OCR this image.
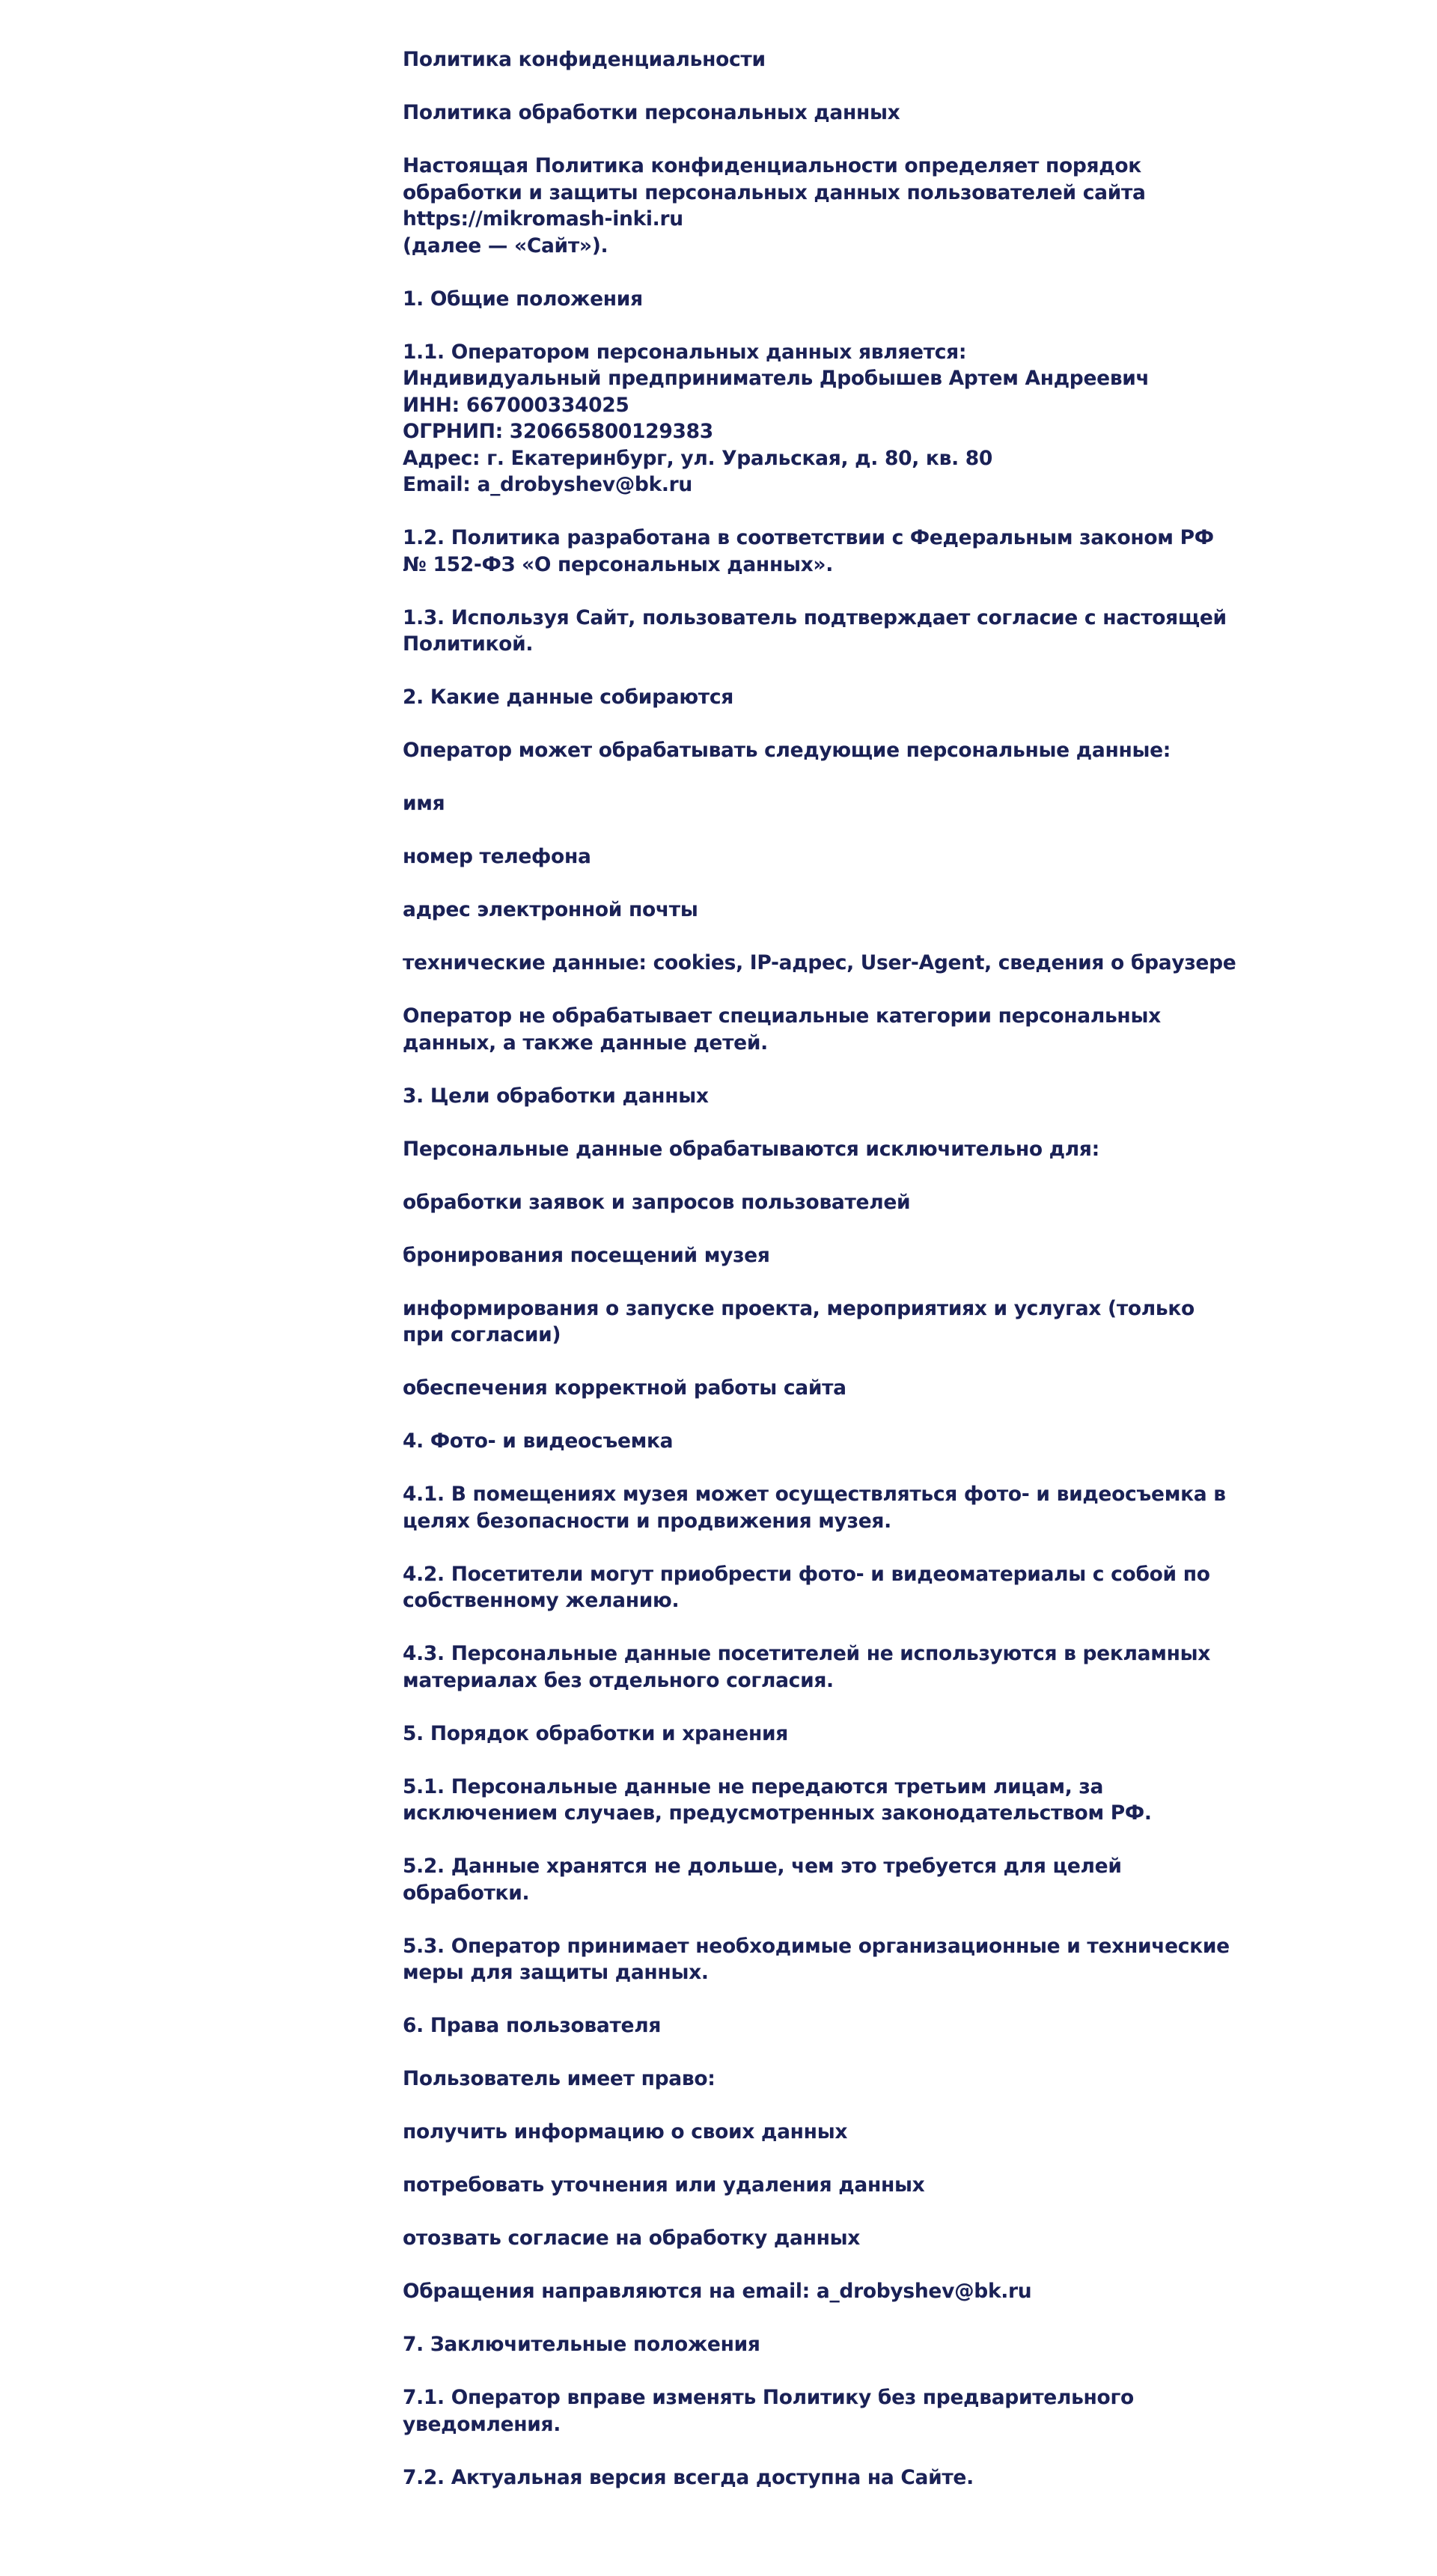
Политика конфиденциальности

Политика обработки персональных данных

Настоящая Политика конфиденциальности определяет порядок обработки и защиты персональных данных пользователей сайта https://mikromash-inki.ru
(далее — «Сайт»).

1. Общие положения

1.1. Оператором персональных данных является:
Индивидуальный предприниматель Дробышев Артем Андреевич
ИНН: 667000334025
ОГРНИП: 320665800129383
Адрес: г. Екатеринбург, ул. Уральская, д. 80, кв. 80
Email: a_drobyshev@bk.ru

1.2. Политика разработана в соответствии с Федеральным законом РФ № 152-ФЗ «О персональных данных».

1.3. Используя Сайт, пользователь подтверждает согласие с настоящей Политикой.

2. Какие данные собираются

Оператор может обрабатывать следующие персональные данные:

имя

номер телефона

адрес электронной почты

технические данные: cookies, IP-адрес, User-Agent, сведения о браузере

Оператор не обрабатывает специальные категории персональных данных, а также данные детей.

3. Цели обработки данных

Персональные данные обрабатываются исключительно для:

обработки заявок и запросов пользователей

бронирования посещений музея

информирования о запуске проекта, мероприятиях и услугах (только при согласии)

обеспечения корректной работы сайта

4. Фото- и видеосъемка

4.1. В помещениях музея может осуществляться фото- и видеосъемка в целях безопасности и продвижения музея.

4.2. Посетители могут приобрести фото- и видеоматериалы с собой по собственному желанию.

4.3. Персональные данные посетителей не используются в рекламных материалах без отдельного согласия.

5. Порядок обработки и хранения

5.1. Персональные данные не передаются третьим лицам, за исключением случаев, предусмотренных законодательством РФ.

5.2. Данные хранятся не дольше, чем это требуется для целей обработки.

5.3. Оператор принимает необходимые организационные и технические меры для защиты данных.

6. Права пользователя

Пользователь имеет право:

получить информацию о своих данных

потребовать уточнения или удаления данных

отозвать согласие на обработку данных

Обращения направляются на email: a_drobyshev@bk.ru

7. Заключительные положения

7.1. Оператор вправе изменять Политику без предварительного уведомления.

7.2. Актуальная версия всегда доступна на Сайте.
